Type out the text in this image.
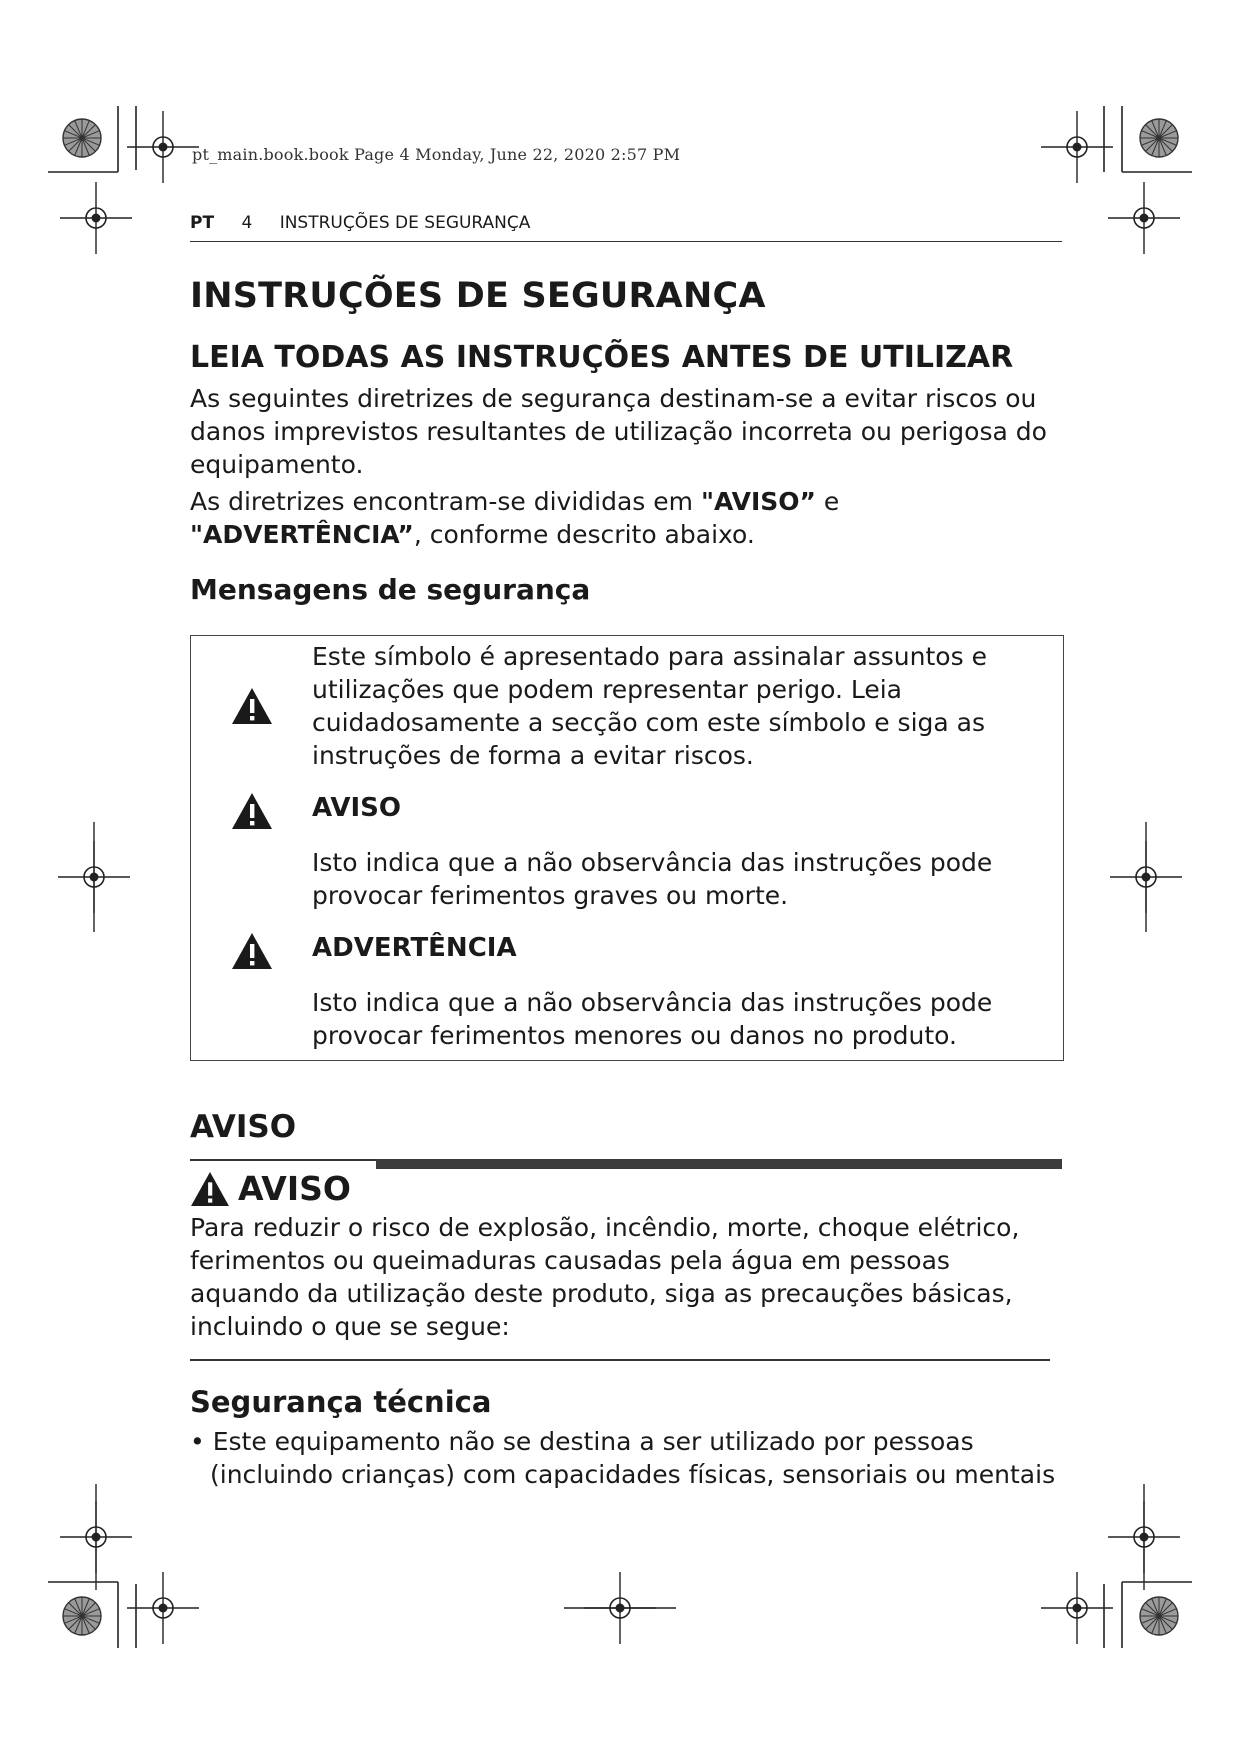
pt_main.book.book Page 4 Monday, June 22, 2020 2:57 PM
PT 4 INSTRUÇÕES DE SEGURANÇA
INSTRUÇÕES DE SEGURANÇA
LEIA TODAS AS INSTRUÇÕES ANTES DE UTILIZAR

As seguintes diretrizes de segurança destinam-se a evitar riscos ou danos imprevistos resultantes de utilização incorreta ou perigosa do equipamento.

As diretrizes encontram-se divididas em "AVISO” e "ADVERTÊNCIA”, conforme descrito abaixo.

Mensagens de segurança

Este símbolo é apresentado para assinalar assuntos e utilizações que podem representar perigo. Leia cuidadosamente a secção com este símbolo e siga as instruções de forma a evitar riscos.

AVISO

Isto indica que a não observância das instruções pode provocar ferimentos graves ou morte.

ADVERTÊNCIA

Isto indica que a não observância das instruções pode provocar ferimentos menores ou danos no produto.

AVISO
AVISO

Para reduzir o risco de explosão, incêndio, morte, choque elétrico, ferimentos ou queimaduras causadas pela água em pessoas aquando da utilização deste produto, siga as precauções básicas, incluindo o que se segue:

Segurança técnica
• Este equipamento não se destina a ser utilizado por pessoas (incluindo crianças) com capacidades físicas, sensoriais ou mentais
